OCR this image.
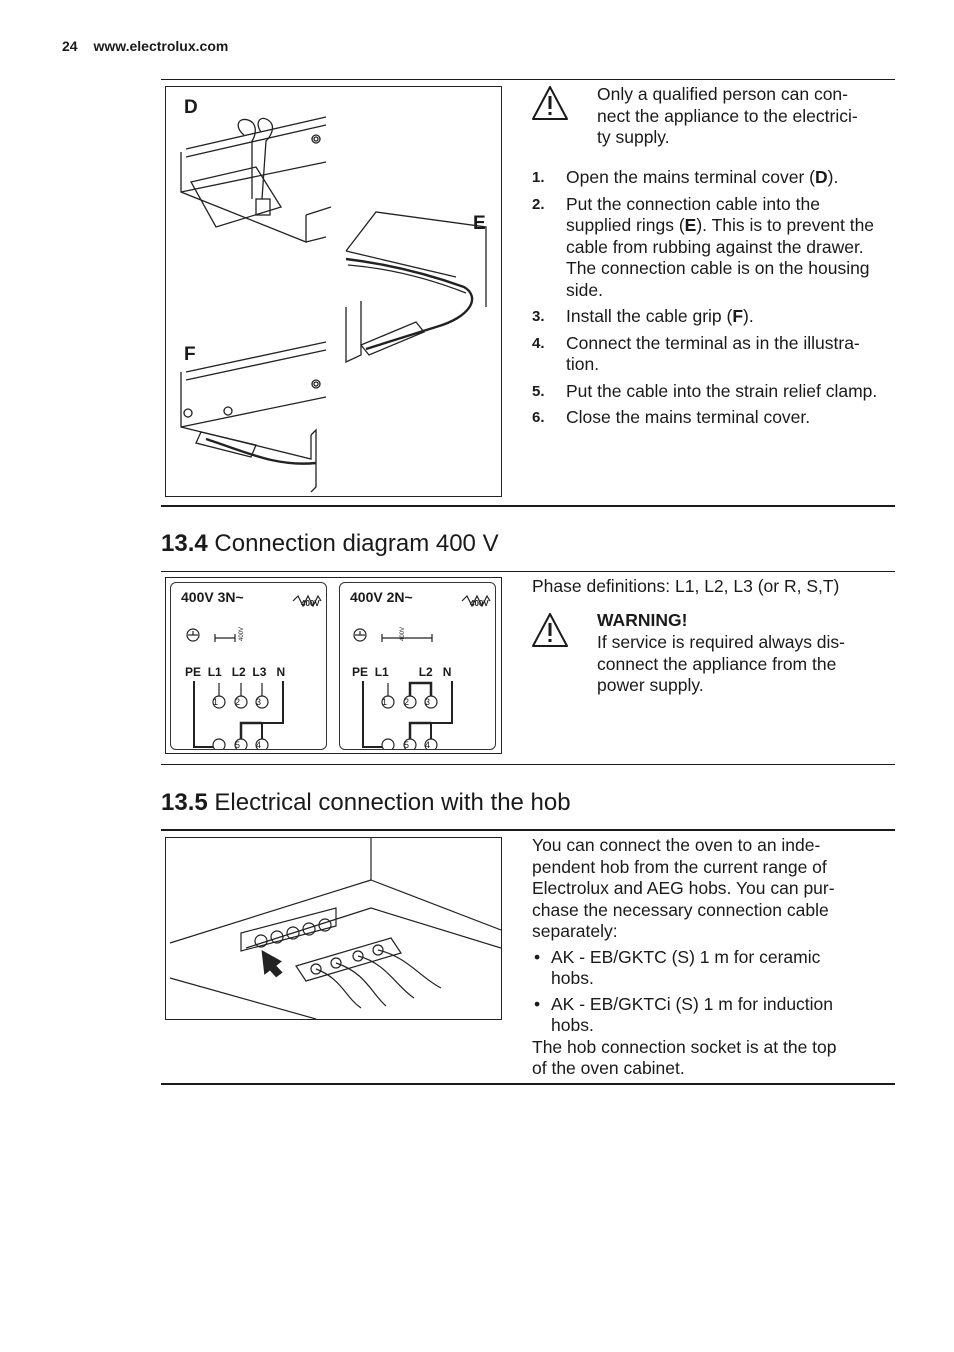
24 www.electrolux.com
D
E
F
Only a qualified person can con-
nect the appliance to the electrici-
ty supply.
1. Open the mains terminal cover (D).
2. Put the connection cable into the supplied rings (E). This is to prevent the cable from rubbing against the drawer. The connection cable is on the housing side.
3. Install the cable grip (F).
4. Connect the terminal as in the illustra-
tion.
5. Put the cable into the strain relief clamp.
6. Close the mains terminal cover.
13.4 Connection diagram 400 V
400V 3N~	400V
400V
PE L1 L2 L3 N
1 2 3
5 4
400V 2N~	400V
400V
PE L1	L2 N
1 2 3
5 4
Phase definitions: L1, L2, L3 (or R, S,T)
WARNING!
If service is required always dis-
connect the appliance from the
power supply.
13.5 Electrical connection with the hob
You can connect the oven to an inde-
pendent hob from the current range of
Electrolux and AEG hobs. You can pur-
chase the necessary connection cable
separately:
• AK - EB/GKTC (S) 1 m for ceramic
hobs.
• AK - EB/GKTCi (S) 1 m for induction
hobs.
The hob connection socket is at the top
of the oven cabinet.
